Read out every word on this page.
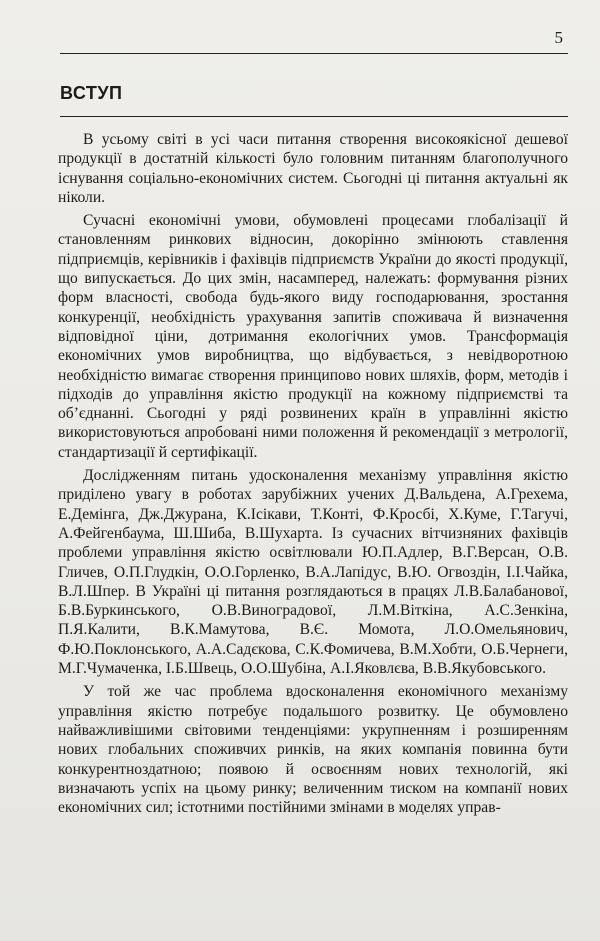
5
ВСТУП

В усьому світі в усі часи питання створення високоякісної дешевої продукції в достатній кількості було головним питанням благополучного існування соціально-економічних систем. Сьогодні ці питання актуальні як ніколи.

Сучасні економічні умови, обумовлені процесами глобалізації й становленням ринкових відносин, докорінно змінюють ставлення підприємців, керівників і фахівців підприємств України до якості продукції, що випускається. До цих змін, насамперед, належать: формування різних форм власності, свобода будь-якого виду господарювання, зростання конкуренції, необхідність урахування запитів споживача й визначення відповідної ціни, дотримання екологічних умов. Трансформація економічних умов виробництва, що відбувається, з невідворотною необхідністю вимагає створення принципово нових шляхів, форм, методів і підходів до управління якістю продукції на кожному підприємстві та об’єднанні. Сьогодні у ряді розвинених країн в управлінні якістю використовуються апробовані ними положення й рекомендації з метрології, стандартизації й сертифікації.

Дослідженням питань удосконалення механізму управління якістю приділено увагу в роботах зарубіжних учених Д.Вальдена, А.Грехема, Е.Демінга, Дж.Джурана, К.Ісікави, Т.Конті, Ф.Кросбі, Х.Куме, Г.Тагучі, А.Фейгенбаума, Ш.Шиба, В.Шухарта. Із сучасних вітчизняних фахівців проблеми управління якістю освітлювали Ю.П.Адлер, В.Г.Версан, О.В. Гличев, О.П.Глудкін, О.О.Горленко, В.А.Лапідус, В.Ю. Огвоздін, І.І.Чайка, В.Л.Шпер. В Україні ці питання розглядаються в працях Л.В.Балабанової, Б.В.Буркинського, О.В.Виноградової, Л.М.Віткіна, А.С.Зенкіна, П.Я.Калити, В.К.Мамутова, В.Є. Момота, Л.О.Омельянович, Ф.Ю.Поклонського, А.А.Садєкова, С.К.Фомичева, В.М.Хобти, О.Б.Чернеги, М.Г.Чумаченка, І.Б.Швець, О.О.Шубіна, А.І.Яковлєва, В.В.Якубовського.

У той же час проблема вдосконалення економічного механізму управління якістю потребує подальшого розвитку. Це обумовлено найважливішими світовими тенденціями: укрупненням і розширенням нових глобальних споживчих ринків, на яких компанія повинна бути конкурентноздатною; появою й освоєнням нових технологій, які визначають успіх на цьому ринку; величенним тиском на компанії нових економічних сил; істотними постійними змінами в моделях управ-
